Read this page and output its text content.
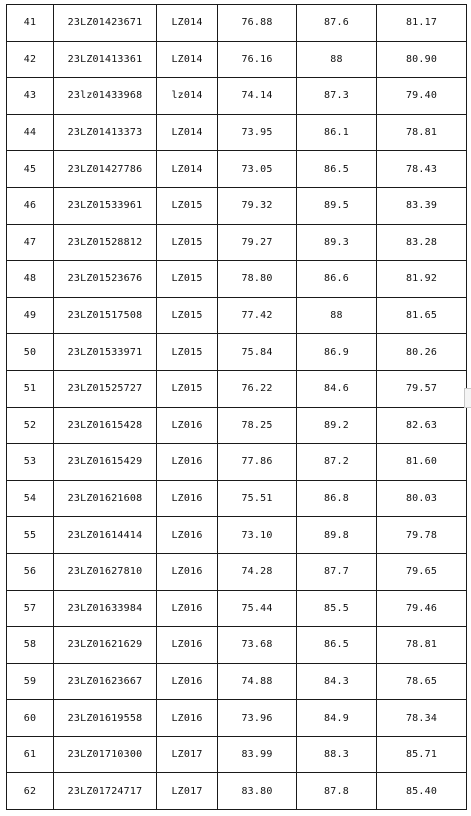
41	23LZ01423671	LZ014	76.88	87.6	81.17
42	23LZ01413361	LZ014	76.16	88	80.90
43	23lz01433968	lz014	74.14	87.3	79.40
44	23LZ01413373	LZ014	73.95	86.1	78.81
45	23LZ01427786	LZ014	73.05	86.5	78.43
46	23LZ01533961	LZ015	79.32	89.5	83.39
47	23LZ01528812	LZ015	79.27	89.3	83.28
48	23LZ01523676	LZ015	78.80	86.6	81.92
49	23LZ01517508	LZ015	77.42	88	81.65
50	23LZ01533971	LZ015	75.84	86.9	80.26
51	23LZ01525727	LZ015	76.22	84.6	79.57
52	23LZ01615428	LZ016	78.25	89.2	82.63
53	23LZ01615429	LZ016	77.86	87.2	81.60
54	23LZ01621608	LZ016	75.51	86.8	80.03
55	23LZ01614414	LZ016	73.10	89.8	79.78
56	23LZ01627810	LZ016	74.28	87.7	79.65
57	23LZ01633984	LZ016	75.44	85.5	79.46
58	23LZ01621629	LZ016	73.68	86.5	78.81
59	23LZ01623667	LZ016	74.88	84.3	78.65
60	23LZ01619558	LZ016	73.96	84.9	78.34
61	23LZ01710300	LZ017	83.99	88.3	85.71
62	23LZ01724717	LZ017	83.80	87.8	85.40
